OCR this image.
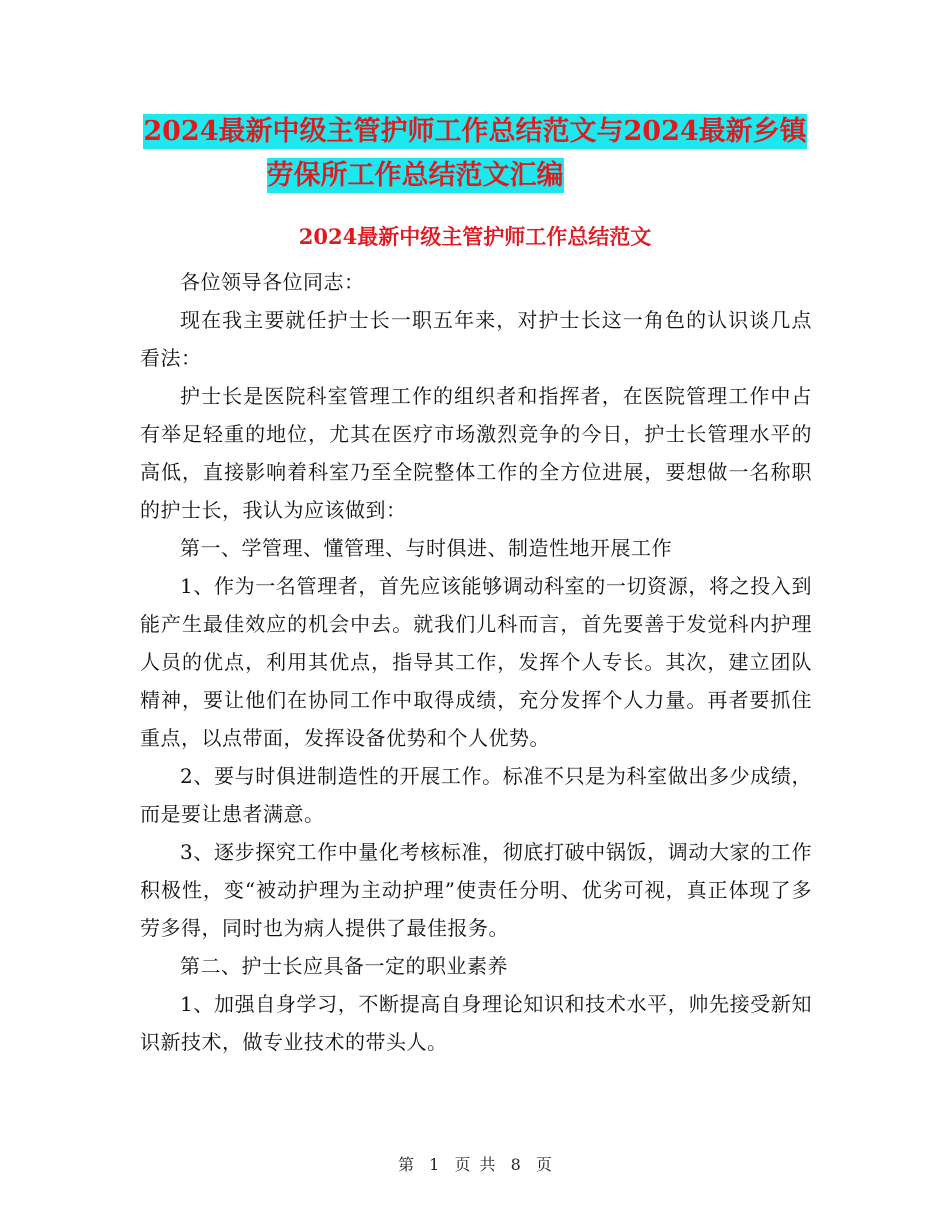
2024最新中级主管护师工作总结范文与2024最新乡镇
劳保所工作总结范文汇编
2024最新中级主管护师工作总结范文

各位领导各位同志：

现在我主要就任护士长一职五年来，对护士长这一角色的认识谈几点看法：

护士长是医院科室管理工作的组织者和指挥者，在医院管理工作中占有举足轻重的地位，尤其在医疗市场激烈竞争的今日，护士长管理水平的高低，直接影响着科室乃至全院整体工作的全方位进展，要想做一名称职的护士长，我认为应该做到：

第一、学管理、懂管理、与时俱进、制造性地开展工作

1、作为一名管理者，首先应该能够调动科室的一切资源，将之投入到能产生最佳效应的机会中去。就我们儿科而言，首先要善于发觉科内护理人员的优点，利用其优点，指导其工作，发挥个人专长。其次，建立团队精神，要让他们在协同工作中取得成绩，充分发挥个人力量。再者要抓住重点，以点带面，发挥设备优势和个人优势。

2、要与时俱进制造性的开展工作。标准不只是为科室做出多少成绩，而是要让患者满意。

3、逐步探究工作中量化考核标准，彻底打破中锅饭，调动大家的工作积极性，变“被动护理为主动护理”使责任分明、优劣可视，真正体现了多劳多得，同时也为病人提供了最佳报务。

第二、护士长应具备一定的职业素养

1、加强自身学习，不断提高自身理论知识和技术水平，帅先接受新知识新技术，做专业技术的带头人。

第 1 页 共 8 页
